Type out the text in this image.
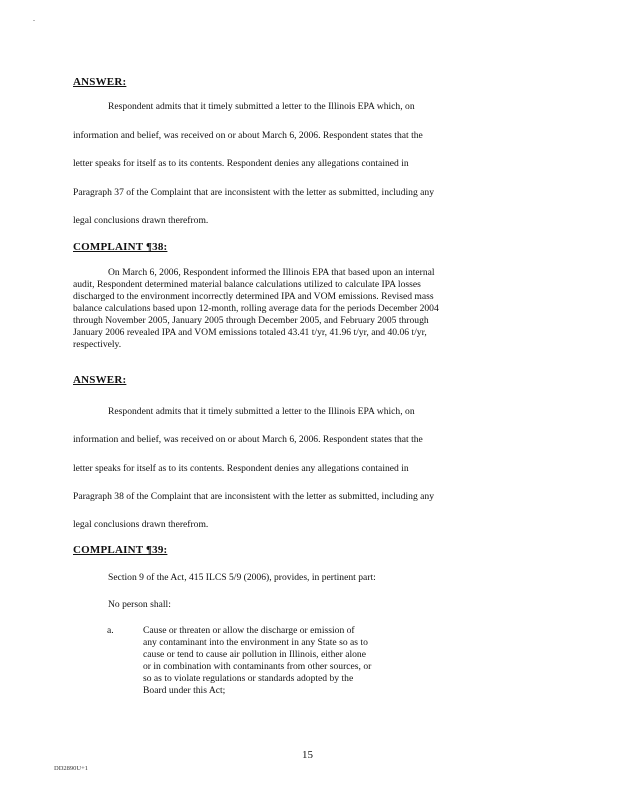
.
ANSWER:
Respondent admits that it timely submitted a letter to the Illinois EPA which, on
information and belief, was received on or about March 6, 2006. Respondent states that the
letter speaks for itself as to its contents. Respondent denies any allegations contained in
Paragraph 37 of the Complaint that are inconsistent with the letter as submitted, including any
legal conclusions drawn therefrom.
COMPLAINT ¶38:
On March 6, 2006, Respondent informed the Illinois EPA that based upon an internal
audit, Respondent determined material balance calculations utilized to calculate IPA losses
discharged to the environment incorrectly determined IPA and VOM emissions. Revised mass
balance calculations based upon 12-month, rolling average data for the periods December 2004
through November 2005, January 2005 through December 2005, and February 2005 through
January 2006 revealed IPA and VOM emissions totaled 43.41 t/yr, 41.96 t/yr, and 40.06 t/yr,
respectively.
ANSWER:
Respondent admits that it timely submitted a letter to the Illinois EPA which, on
information and belief, was received on or about March 6, 2006. Respondent states that the
letter speaks for itself as to its contents. Respondent denies any allegations contained in
Paragraph 38 of the Complaint that are inconsistent with the letter as submitted, including any
legal conclusions drawn therefrom.
COMPLAINT ¶39:
Section 9 of the Act, 415 ILCS 5/9 (2006), provides, in pertinent part:
No person shall:
a.	Cause or threaten or allow the discharge or emission of
any contaminant into the environment in any State so as to
cause or tend to cause air pollution in Illinois, either alone
or in combination with contaminants from other sources, or
so as to violate regulations or standards adopted by the
Board under this Act;
15
DD2890U+1
